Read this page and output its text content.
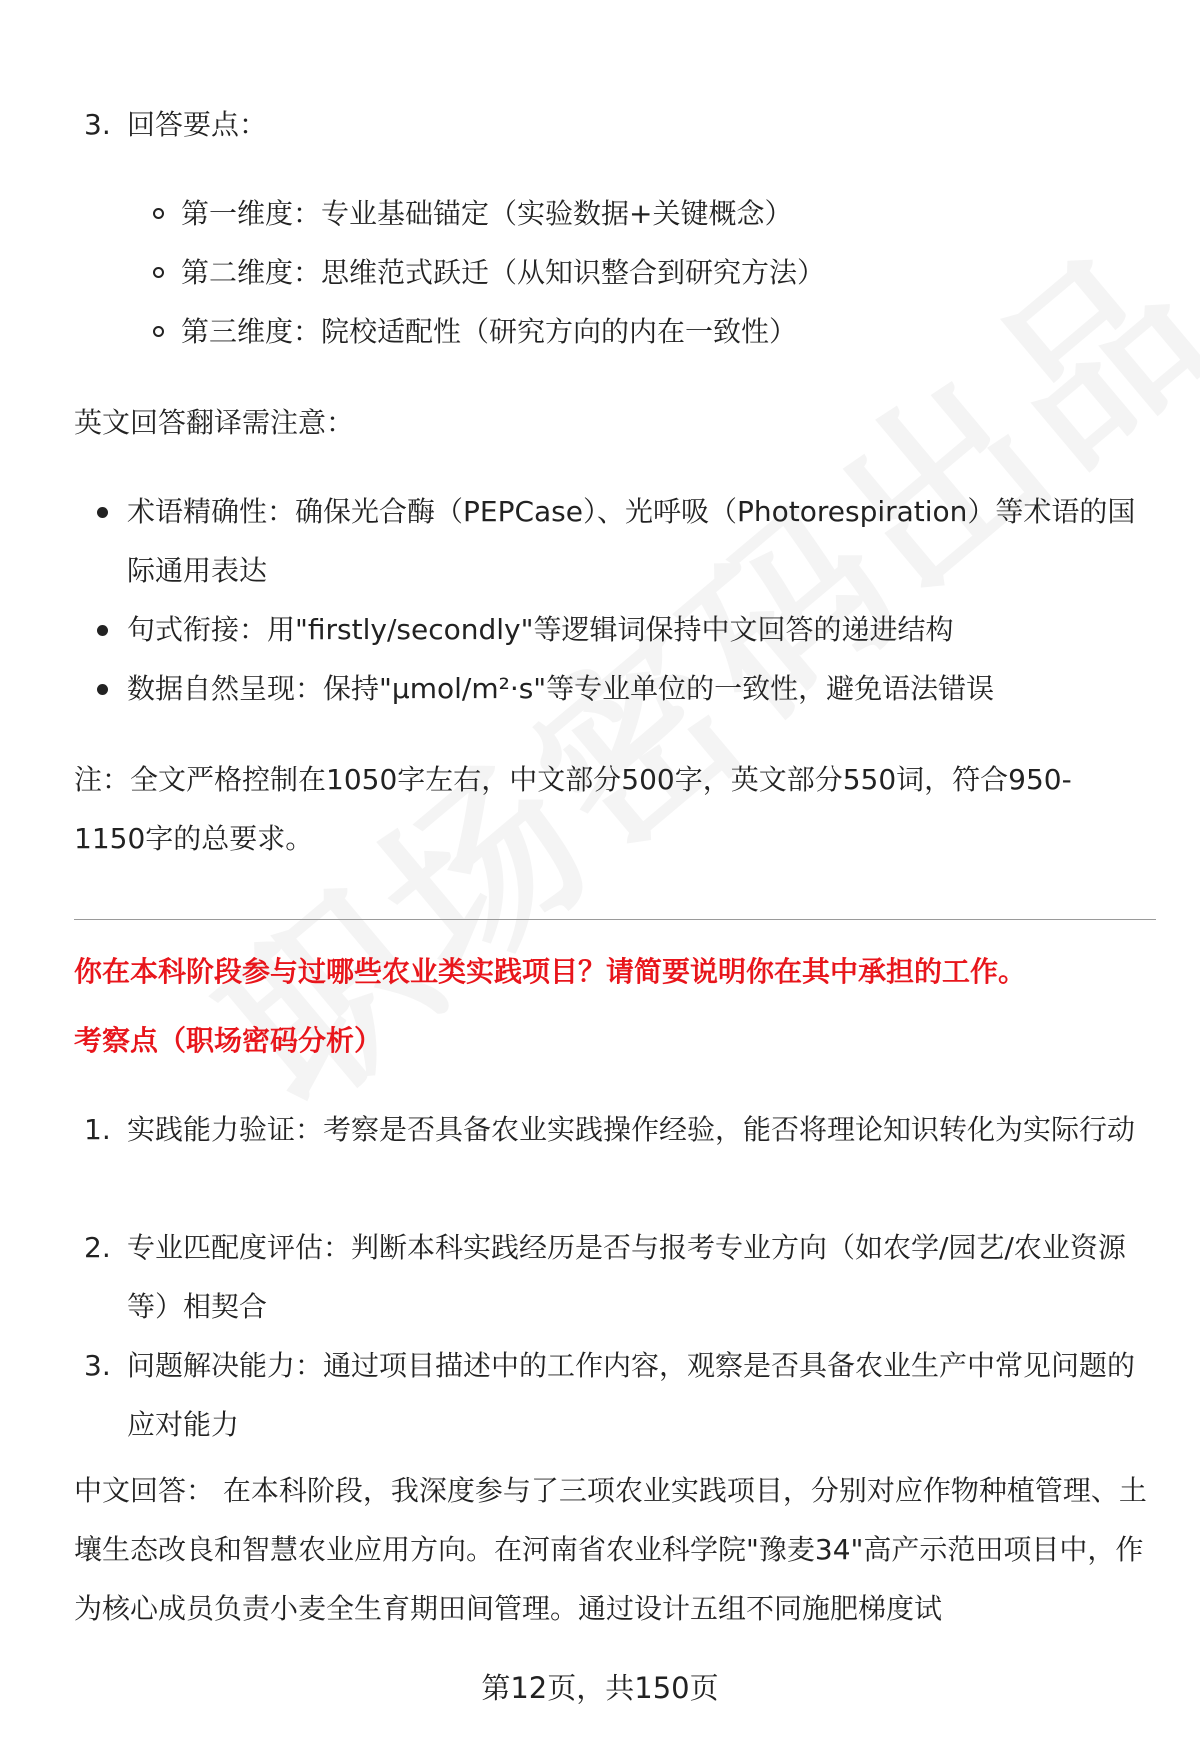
3. 回答要点：

第一维度：专业基础锚定（实验数据+关键概念）

第二维度：思维范式跃迁（从知识整合到研究方法）

第三维度：院校适配性（研究方向的内在一致性）

英文回答翻译需注意：

术语精确性：确保光合酶（PEPCase）、光呼吸（Photorespiration）等术语的国际通用表达

句式衔接：用"firstly/secondly"等逻辑词保持中文回答的递进结构

数据自然呈现：保持"μmol/m²·s"等专业单位的一致性，避免语法错误

注：全文严格控制在1050字左右，中文部分500字，英文部分550词，符合950-1150字的总要求。

你在本科阶段参与过哪些农业类实践项目？请简要说明你在其中承担的工作。

考察点（职场密码分析）

1. 实践能力验证：考察是否具备农业实践操作经验，能否将理论知识转化为实际行动

2. 专业匹配度评估：判断本科实践经历是否与报考专业方向（如农学/园艺/农业资源等）相契合

3. 问题解决能力：通过项目描述中的工作内容，观察是否具备农业生产中常见问题的应对能力

中文回答： 在本科阶段，我深度参与了三项农业实践项目，分别对应作物种植管理、土壤生态改良和智慧农业应用方向。在河南省农业科学院"豫麦34"高产示范田项目中，作为核心成员负责小麦全生育期田间管理。通过设计五组不同施肥梯度试

第12页，共150页
